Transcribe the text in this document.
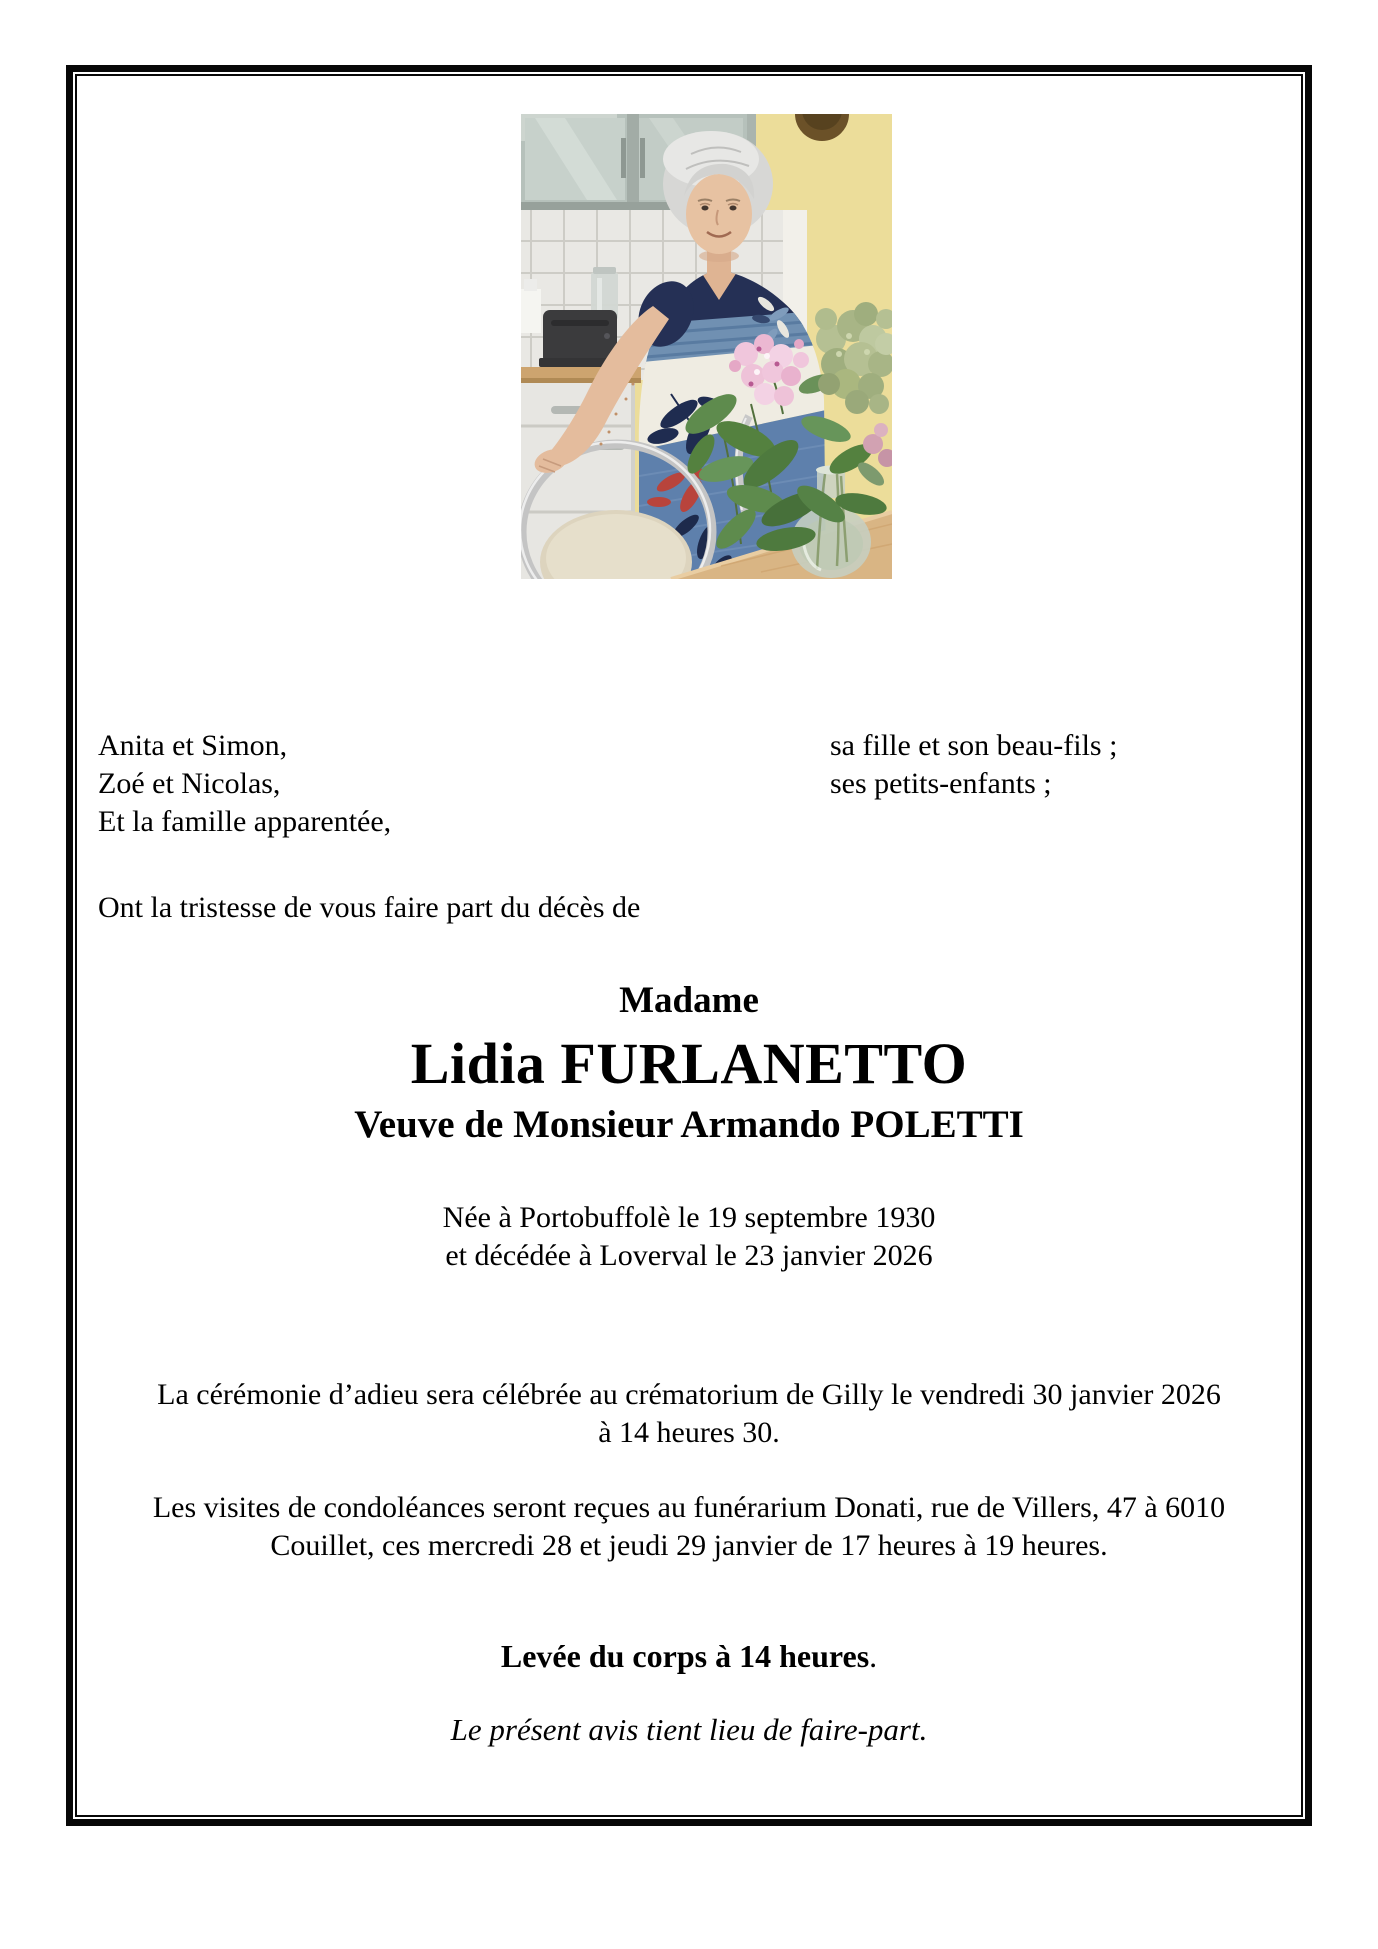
Anita et Simon,	sa fille et son beau-fils ;
Zoé et Nicolas,	ses petits-enfants ;
Et la famille apparentée,
Ont la tristesse de vous faire part du décès de
Madame
Lidia FURLANETTO
Veuve de Monsieur Armando POLETTI
Née à Portobuffolè le 19 septembre 1930
et décédée à Loverval le 23 janvier 2026
La cérémonie d’adieu sera célébrée au crématorium de Gilly le vendredi 30 janvier 2026
à 14 heures 30.
Les visites de condoléances seront reçues au funérarium Donati, rue de Villers, 47 à 6010
Couillet, ces mercredi 28 et jeudi 29 janvier de 17 heures à 19 heures.
Levée du corps à 14 heures.
Le présent avis tient lieu de faire-part.
